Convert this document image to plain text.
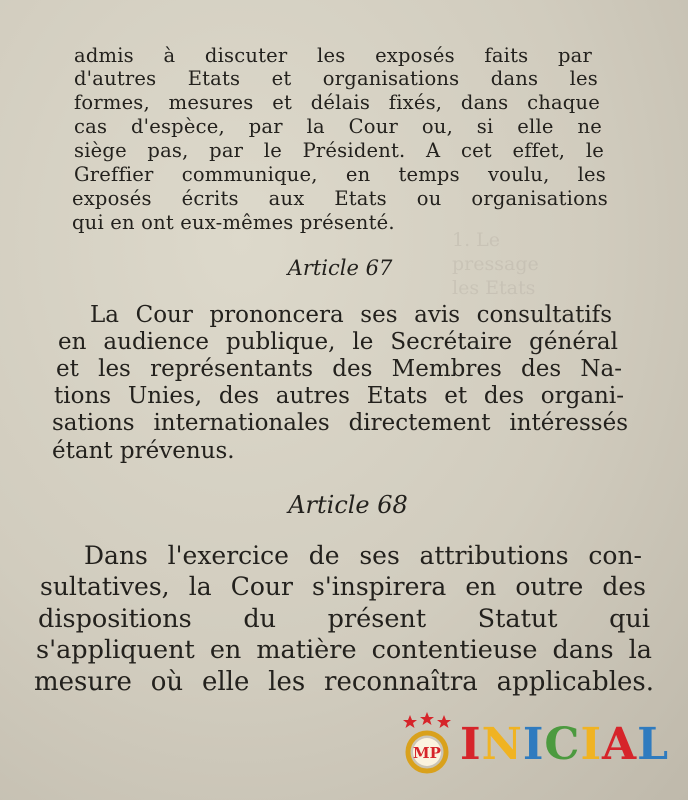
1. Le
pressage
les Etats
admis à discuter les exposés faits par
d'autres Etats et organisations dans les
formes, mesures et délais fixés, dans chaque
cas d'espèce, par la Cour ou, si elle ne
siège pas, par le Président. A cet effet, le
Greffier communique, en temps voulu, les
exposés écrits aux Etats ou organisations
qui en ont eux-mêmes présenté.
Article 67
La Cour prononcera ses avis consultatifs
en audience publique, le Secrétaire général
et les représentants des Membres des Na-
tions Unies, des autres Etats et des organi-
sations internationales directement intéressés
étant prévenus.
Article 68
Dans l'exercice de ses attributions con-
sultatives, la Cour s'inspirera en outre des
dispositions du présent Statut qui
s'appliquent en matière contentieuse dans la
mesure où elle les reconnaîtra applicables.
MP INICIAL
